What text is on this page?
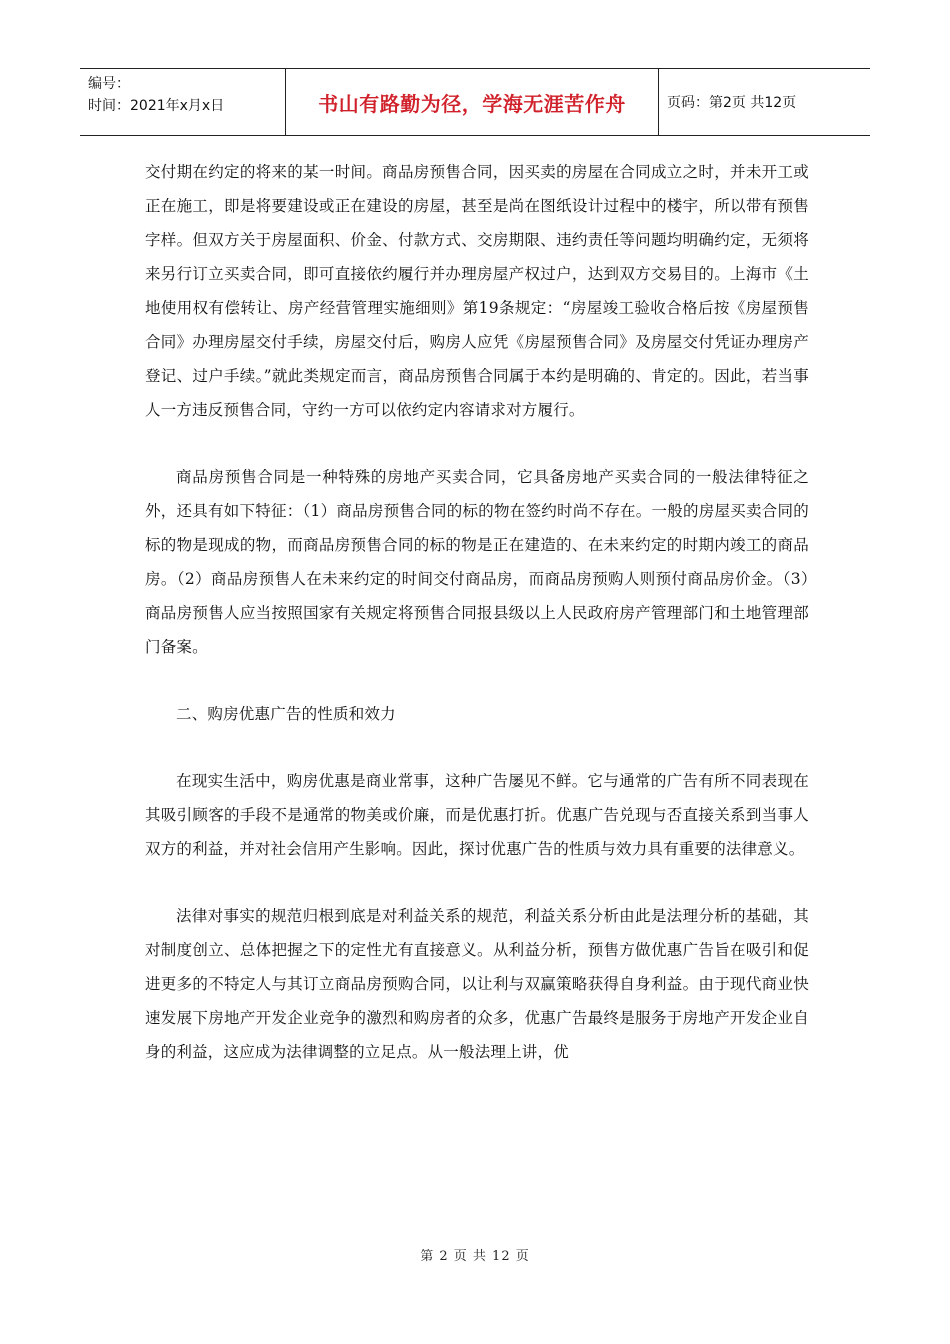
编号：
时间：2021年x月x日	书山有路勤为径，学海无涯苦作舟	页码：第2页 共12页

交付期在约定的将来的某一时间。商品房预售合同，因买卖的房屋在合同成立之时，并未开工或正在施工，即是将要建设或正在建设的房屋，甚至是尚在图纸设计过程中的楼宇，所以带有预售字样。但双方关于房屋面积、价金、付款方式、交房期限、违约责任等问题均明确约定，无须将来另行订立买卖合同，即可直接依约履行并办理房屋产权过户，达到双方交易目的。上海市《土地使用权有偿转让、房产经营管理实施细则》第19条规定：“房屋竣工验收合格后按《房屋预售合同》办理房屋交付手续，房屋交付后，购房人应凭《房屋预售合同》及房屋交付凭证办理房产登记、过户手续。”就此类规定而言，商品房预售合同属于本约是明确的、肯定的。因此，若当事人一方违反预售合同，守约一方可以依约定内容请求对方履行。

商品房预售合同是一种特殊的房地产买卖合同，它具备房地产买卖合同的一般法律特征之外，还具有如下特征：（1）商品房预售合同的标的物在签约时尚不存在。一般的房屋买卖合同的标的物是现成的物，而商品房预售合同的标的物是正在建造的、在未来约定的时期内竣工的商品房。（2）商品房预售人在未来约定的时间交付商品房，而商品房预购人则预付商品房价金。（3）商品房预售人应当按照国家有关规定将预售合同报县级以上人民政府房产管理部门和土地管理部门备案。

二、购房优惠广告的性质和效力

在现实生活中，购房优惠是商业常事，这种广告屡见不鲜。它与通常的广告有所不同表现在其吸引顾客的手段不是通常的物美或价廉，而是优惠打折。优惠广告兑现与否直接关系到当事人双方的利益，并对社会信用产生影响。因此，探讨优惠广告的性质与效力具有重要的法律意义。

法律对事实的规范归根到底是对利益关系的规范，利益关系分析由此是法理分析的基础，其对制度创立、总体把握之下的定性尤有直接意义。从利益分析，预售方做优惠广告旨在吸引和促进更多的不特定人与其订立商品房预购合同，以让利与双赢策略获得自身利益。由于现代商业快速发展下房地产开发企业竞争的激烈和购房者的众多，优惠广告最终是服务于房地产开发企业自身的利益，这应成为法律调整的立足点。从一般法理上讲，优

第 2 页 共 12 页
